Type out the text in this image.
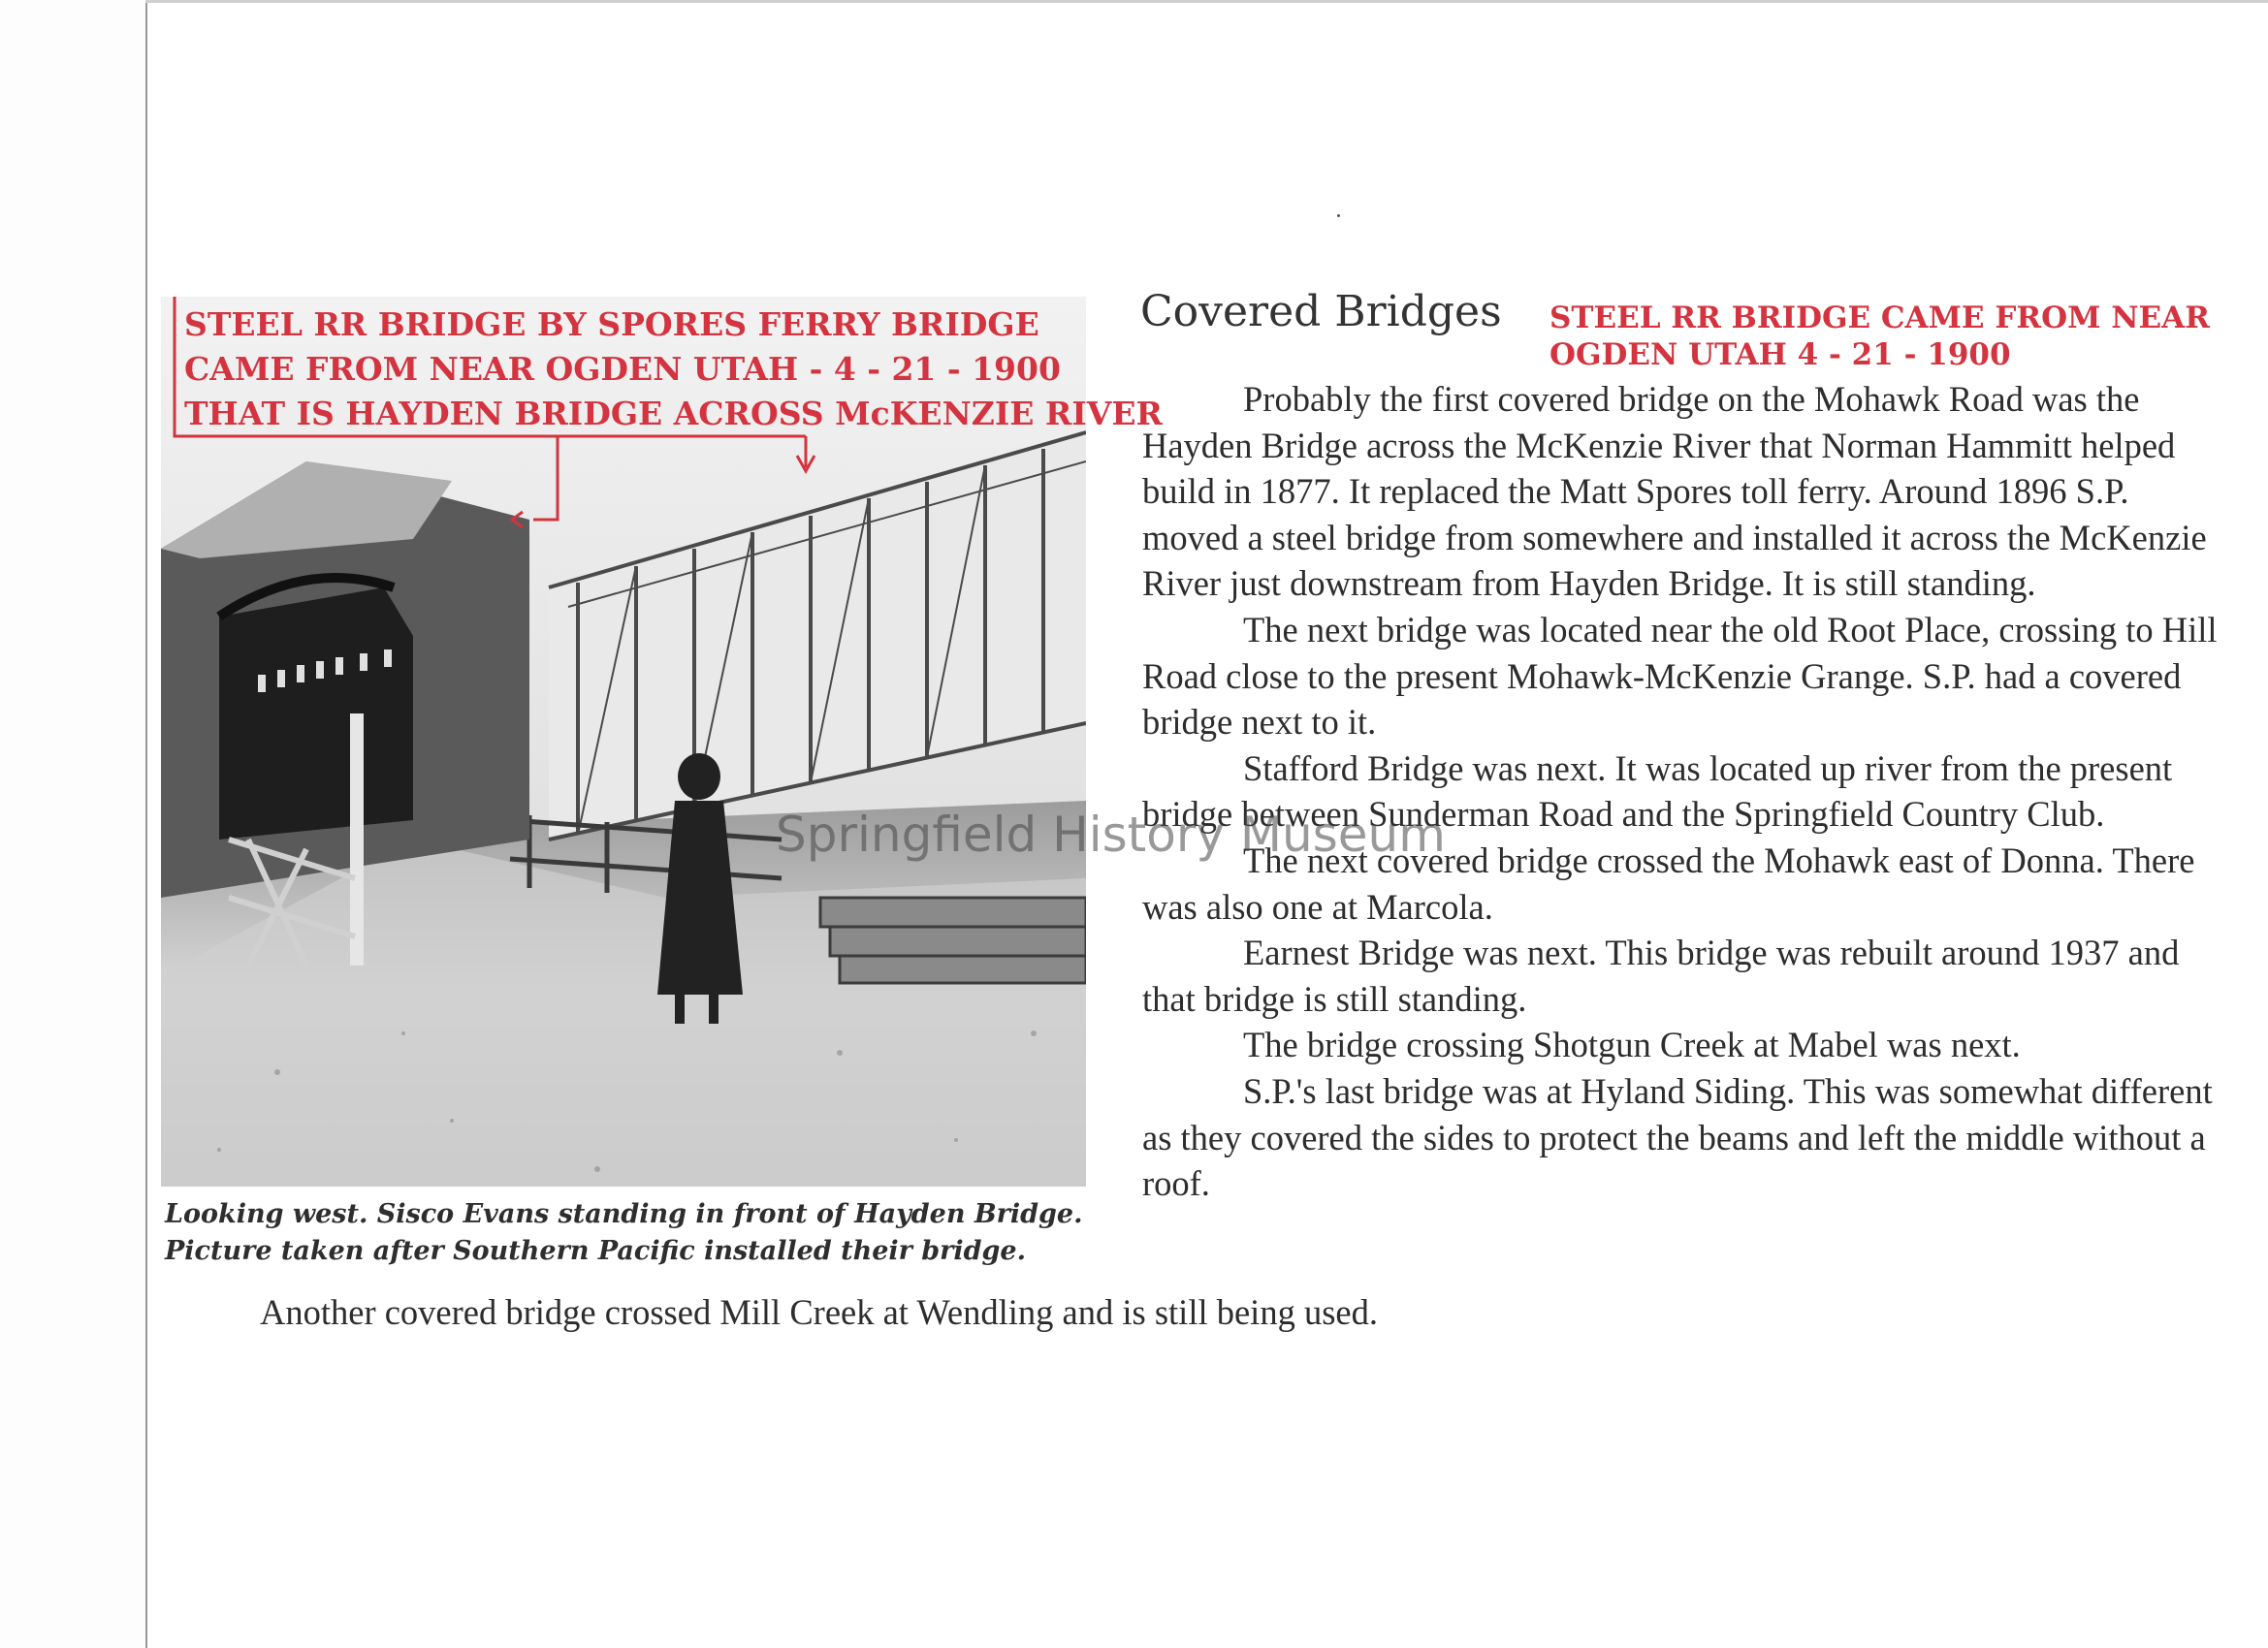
STEEL RR BRIDGE BY SPORES FERRY BRIDGE
CAME FROM NEAR OGDEN UTAH - 4 - 21 - 1900
THAT IS HAYDEN BRIDGE ACROSS McKENZIE RIVER
Looking west. Sisco Evans standing in front of Hayden Bridge.
Picture taken after Southern Pacific installed their bridge.
Covered Bridges STEEL RR BRIDGE CAME FROM NEAR
OGDEN UTAH 4 - 21 - 1900

Probably the first covered bridge on the Mohawk Road was the Hayden Bridge across the McKenzie River that Norman Hammitt helped build in 1877. It replaced the Matt Spores toll ferry. Around 1896 S.P. moved a steel bridge from somewhere and installed it across the McKenzie River just downstream from Hayden Bridge. It is still standing.

The next bridge was located near the old Root Place, crossing to Hill Road close to the present Mohawk-McKenzie Grange. S.P. had a covered bridge next to it.

Stafford Bridge was next. It was located up river from the present bridge between Sunderman Road and the Springfield Country Club.

The next covered bridge crossed the Mohawk east of Donna. There was also one at Marcola.

Earnest Bridge was next. This bridge was rebuilt around 1937 and that bridge is still standing.

The bridge crossing Shotgun Creek at Mabel was next.

S.P.'s last bridge was at Hyland Siding. This was somewhat different as they covered the sides to protect the beams and left the middle without a roof.

Another covered bridge crossed Mill Creek at Wendling and is still being used.
Springfield History Museum
